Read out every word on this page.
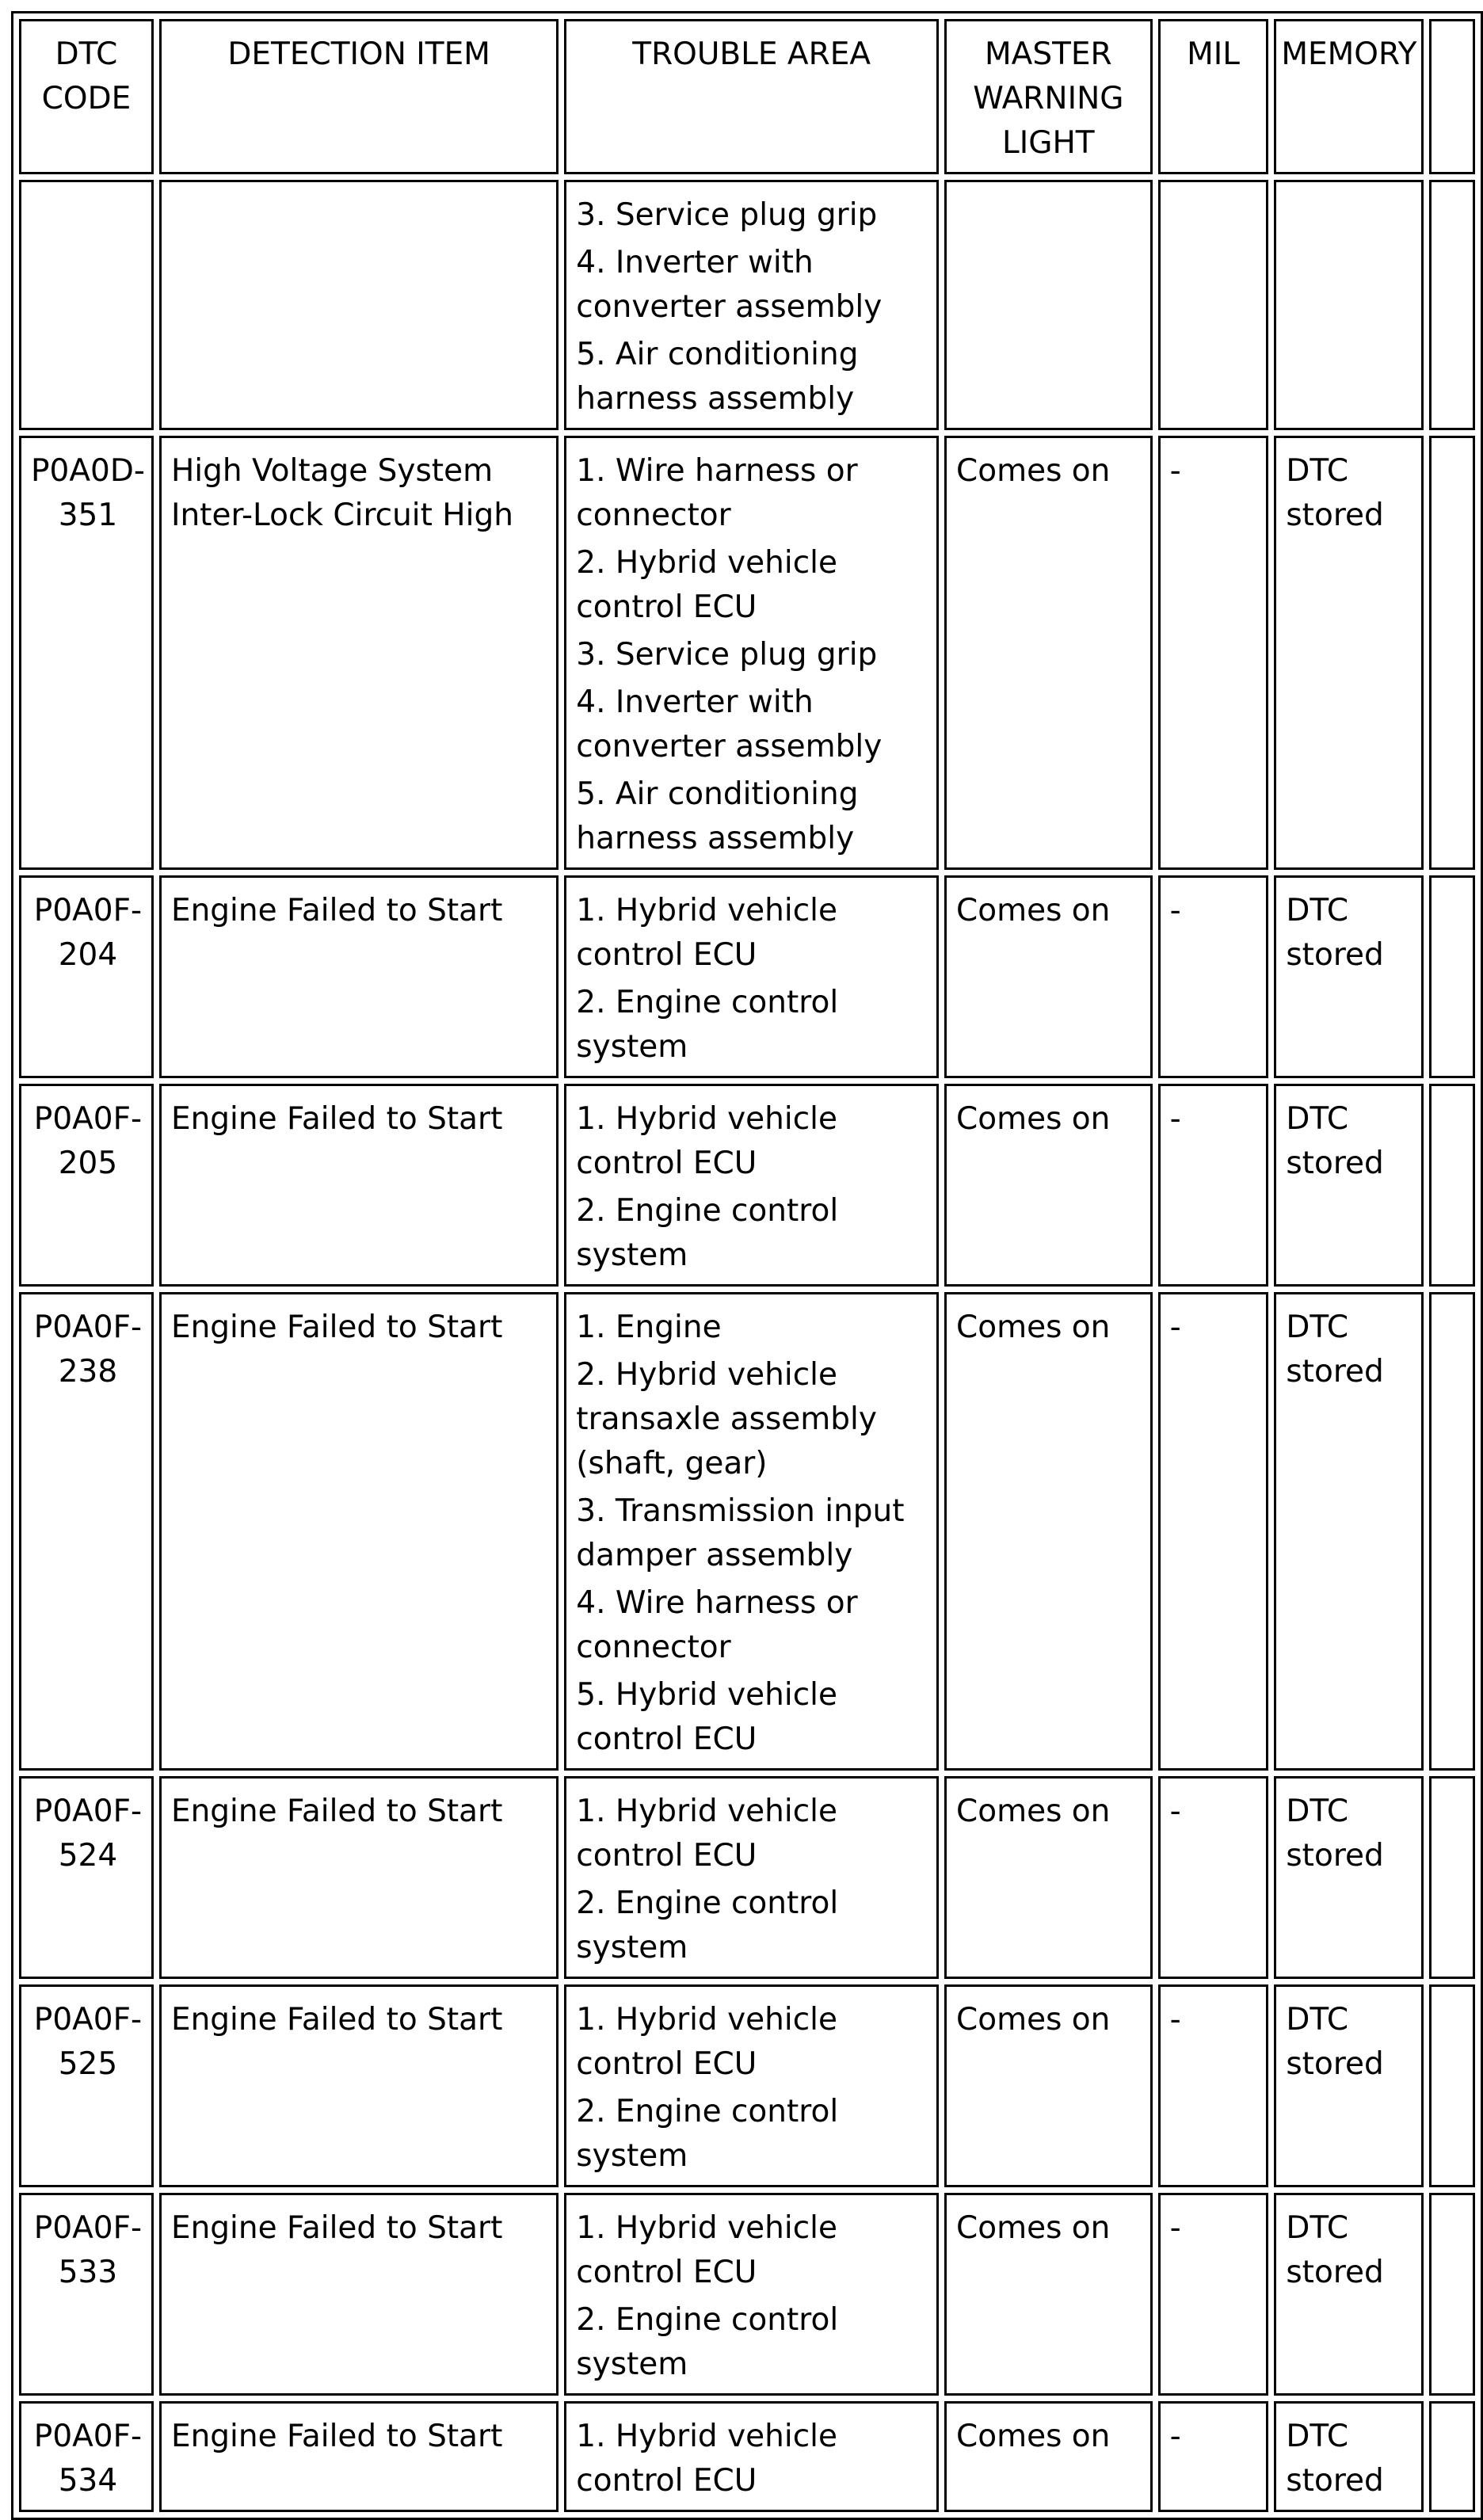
DTC
CODE	DETECTION ITEM	TROUBLE AREA	MASTER
WARNING
LIGHT	MIL	MEMORY	

		3. Service plug grip
4. Inverter with converter assembly
5. Air conditioning harness assembly				

P0A0D-
351	High Voltage System
Inter-Lock Circuit High	1. Wire harness or connector
2. Hybrid vehicle control ECU
3. Service plug grip
4. Inverter with converter assembly
5. Air conditioning harness assembly	Comes on	-	DTC
stored	

P0A0F-
204	Engine Failed to Start	1. Hybrid vehicle control ECU
2. Engine control system	Comes on	-	DTC
stored	

P0A0F-
205	Engine Failed to Start	1. Hybrid vehicle control ECU
2. Engine control system	Comes on	-	DTC
stored	

P0A0F-
238	Engine Failed to Start	1. Engine
2. Hybrid vehicle transaxle assembly (shaft, gear)
3. Transmission input damper assembly
4. Wire harness or connector
5. Hybrid vehicle control ECU	Comes on	-	DTC
stored	

P0A0F-
524	Engine Failed to Start	1. Hybrid vehicle control ECU
2. Engine control system	Comes on	-	DTC
stored	

P0A0F-
525	Engine Failed to Start	1. Hybrid vehicle control ECU
2. Engine control system	Comes on	-	DTC
stored	

P0A0F-
533	Engine Failed to Start	1. Hybrid vehicle control ECU
2. Engine control system	Comes on	-	DTC
stored	

P0A0F-
534	Engine Failed to Start	1. Hybrid vehicle control ECU	Comes on	-	DTC
stored	
